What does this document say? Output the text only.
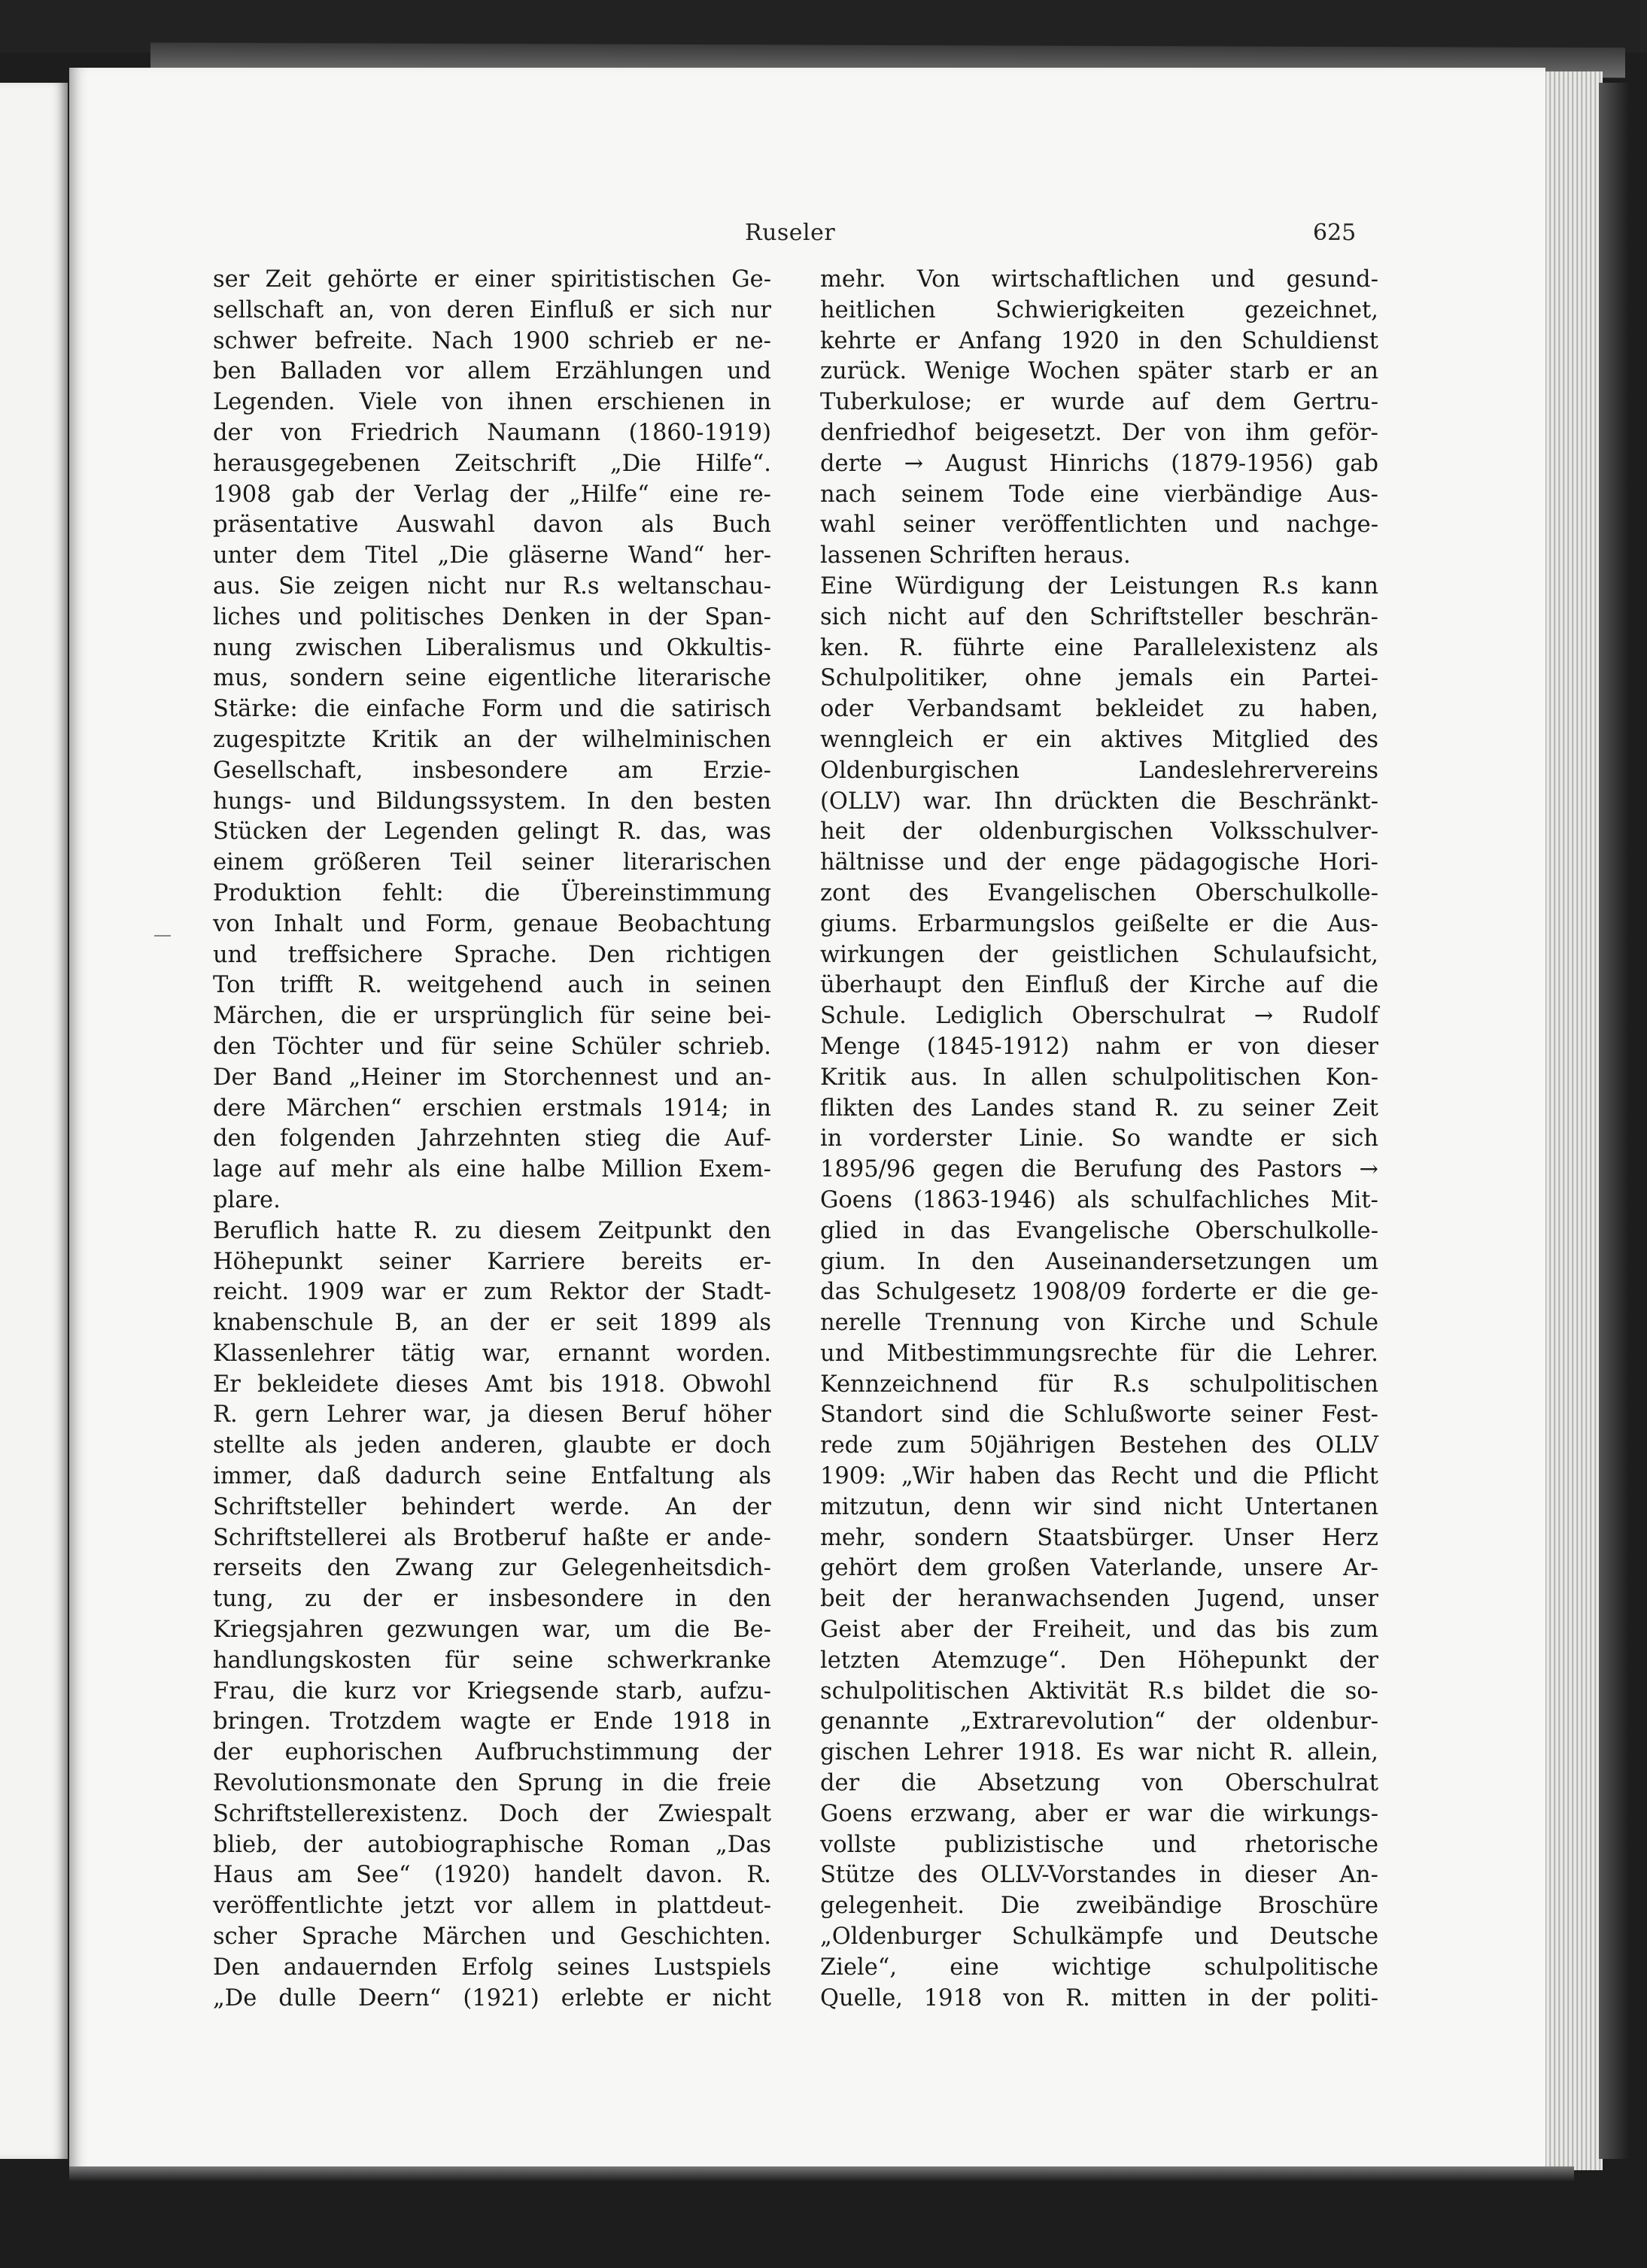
Ruseler	625
ser Zeit gehörte er einer spiritistischen Ge-
sellschaft an, von deren Einfluß er sich nur
schwer befreite. Nach 1900 schrieb er ne-
ben Balladen vor allem Erzählungen und
Legenden. Viele von ihnen erschienen in
der von Friedrich Naumann (1860-1919)
herausgegebenen Zeitschrift „Die Hilfe“.
1908 gab der Verlag der „Hilfe“ eine re-
präsentative Auswahl davon als Buch
unter dem Titel „Die gläserne Wand“ her-
aus. Sie zeigen nicht nur R.s weltanschau-
liches und politisches Denken in der Span-
nung zwischen Liberalismus und Okkultis-
mus, sondern seine eigentliche literarische
Stärke: die einfache Form und die satirisch
zugespitzte Kritik an der wilhelminischen
Gesellschaft, insbesondere am Erzie-
hungs- und Bildungssystem. In den besten
Stücken der Legenden gelingt R. das, was
einem größeren Teil seiner literarischen
Produktion fehlt: die Übereinstimmung
von Inhalt und Form, genaue Beobachtung
und treffsichere Sprache. Den richtigen
Ton trifft R. weitgehend auch in seinen
Märchen, die er ursprünglich für seine bei-
den Töchter und für seine Schüler schrieb.
Der Band „Heiner im Storchennest und an-
dere Märchen“ erschien erstmals 1914; in
den folgenden Jahrzehnten stieg die Auf-
lage auf mehr als eine halbe Million Exem-
plare.
Beruflich hatte R. zu diesem Zeitpunkt den
Höhepunkt seiner Karriere bereits er-
reicht. 1909 war er zum Rektor der Stadt-
knabenschule B, an der er seit 1899 als
Klassenlehrer tätig war, ernannt worden.
Er bekleidete dieses Amt bis 1918. Obwohl
R. gern Lehrer war, ja diesen Beruf höher
stellte als jeden anderen, glaubte er doch
immer, daß dadurch seine Entfaltung als
Schriftsteller behindert werde. An der
Schriftstellerei als Brotberuf haßte er ande-
rerseits den Zwang zur Gelegenheitsdich-
tung, zu der er insbesondere in den
Kriegsjahren gezwungen war, um die Be-
handlungskosten für seine schwerkranke
Frau, die kurz vor Kriegsende starb, aufzu-
bringen. Trotzdem wagte er Ende 1918 in
der euphorischen Aufbruchstimmung der
Revolutionsmonate den Sprung in die freie
Schriftstellerexistenz. Doch der Zwiespalt
blieb, der autobiographische Roman „Das
Haus am See“ (1920) handelt davon. R.
veröffentlichte jetzt vor allem in plattdeut-
scher Sprache Märchen und Geschichten.
Den andauernden Erfolg seines Lustspiels
„De dulle Deern“ (1921) erlebte er nicht
mehr. Von wirtschaftlichen und gesund-
heitlichen Schwierigkeiten gezeichnet,
kehrte er Anfang 1920 in den Schuldienst
zurück. Wenige Wochen später starb er an
Tuberkulose; er wurde auf dem Gertru-
denfriedhof beigesetzt. Der von ihm geför-
derte → August Hinrichs (1879-1956) gab
nach seinem Tode eine vierbändige Aus-
wahl seiner veröffentlichten und nachge-
lassenen Schriften heraus.
Eine Würdigung der Leistungen R.s kann
sich nicht auf den Schriftsteller beschrän-
ken. R. führte eine Parallelexistenz als
Schulpolitiker, ohne jemals ein Partei-
oder Verbandsamt bekleidet zu haben,
wenngleich er ein aktives Mitglied des
Oldenburgischen Landeslehrervereins
(OLLV) war. Ihn drückten die Beschränkt-
heit der oldenburgischen Volksschulver-
hältnisse und der enge pädagogische Hori-
zont des Evangelischen Oberschulkolle-
giums. Erbarmungslos geißelte er die Aus-
wirkungen der geistlichen Schulaufsicht,
überhaupt den Einfluß der Kirche auf die
Schule. Lediglich Oberschulrat → Rudolf
Menge (1845-1912) nahm er von dieser
Kritik aus. In allen schulpolitischen Kon-
flikten des Landes stand R. zu seiner Zeit
in vorderster Linie. So wandte er sich
1895/96 gegen die Berufung des Pastors →
Goens (1863-1946) als schulfachliches Mit-
glied in das Evangelische Oberschulkolle-
gium. In den Auseinandersetzungen um
das Schulgesetz 1908/09 forderte er die ge-
nerelle Trennung von Kirche und Schule
und Mitbestimmungsrechte für die Lehrer.
Kennzeichnend für R.s schulpolitischen
Standort sind die Schlußworte seiner Fest-
rede zum 50jährigen Bestehen des OLLV
1909: „Wir haben das Recht und die Pflicht
mitzutun, denn wir sind nicht Untertanen
mehr, sondern Staatsbürger. Unser Herz
gehört dem großen Vaterlande, unsere Ar-
beit der heranwachsenden Jugend, unser
Geist aber der Freiheit, und das bis zum
letzten Atemzuge“. Den Höhepunkt der
schulpolitischen Aktivität R.s bildet die so-
genannte „Extrarevolution“ der oldenbur-
gischen Lehrer 1918. Es war nicht R. allein,
der die Absetzung von Oberschulrat
Goens erzwang, aber er war die wirkungs-
vollste publizistische und rhetorische
Stütze des OLLV-Vorstandes in dieser An-
gelegenheit. Die zweibändige Broschüre
„Oldenburger Schulkämpfe und Deutsche
Ziele“, eine wichtige schulpolitische
Quelle, 1918 von R. mitten in der politi-
